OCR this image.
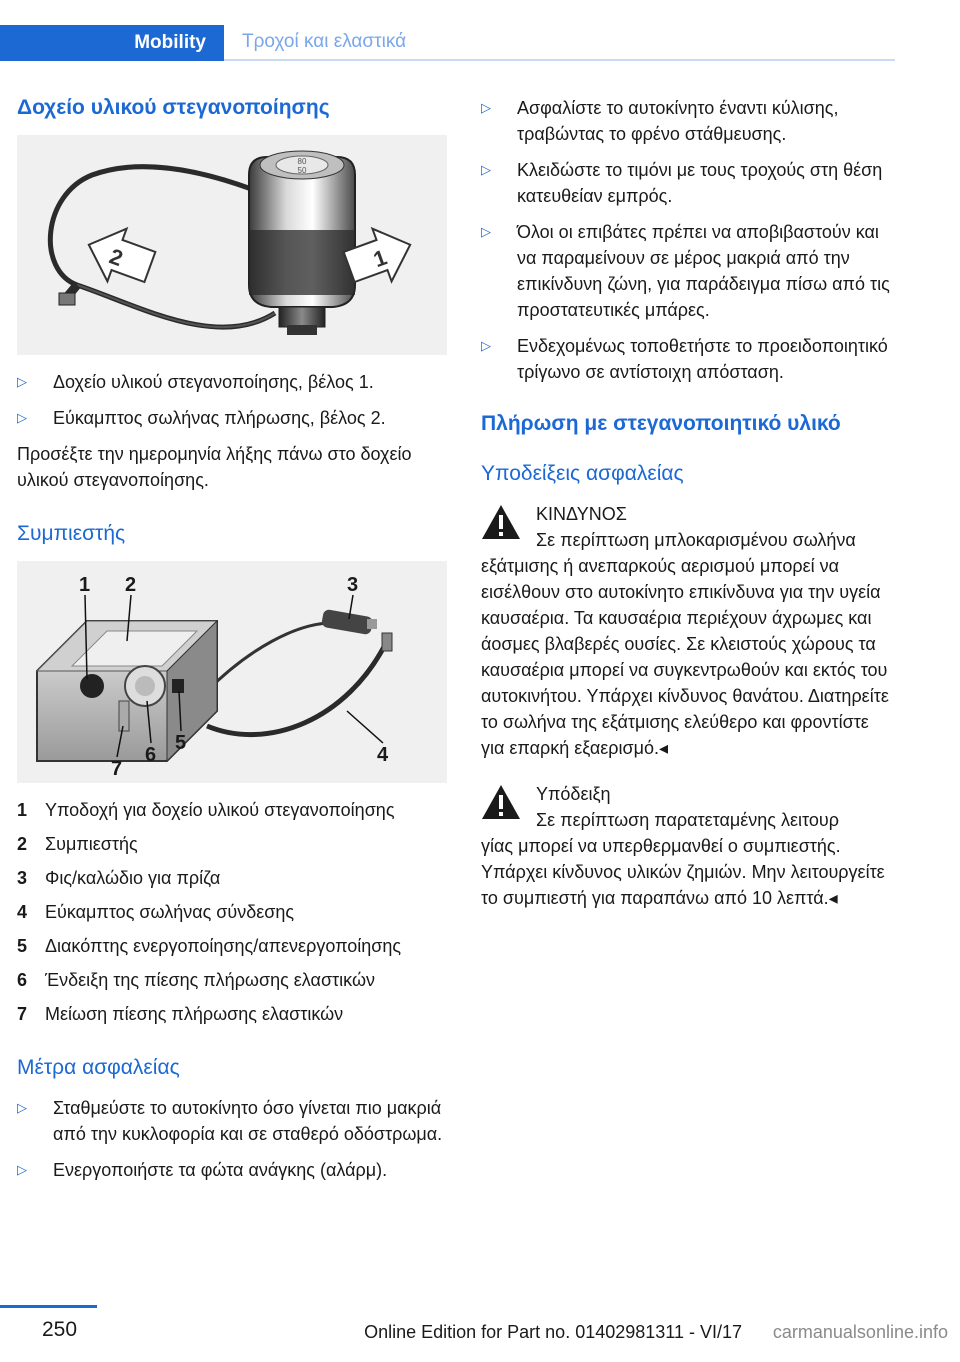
Mobility	Τροχοί και ελαστικά
Δοχείο υλικού στεγανοποίησης
80
50
2	1
▷	Δοχείο υλικού στεγανοποίησης, βέλος 1.
▷	Εύκαμπτος σωλήνας πλήρωσης, βέλος 2.
Προσέξτε την ημερομηνία λήξης πάνω στο δοχείο υλικού στεγανοποίησης.
Συμπιεστής
1 2	3
4
5
6
7
1 Υποδοχή για δοχείο υλικού στεγανοποίησης
2 Συμπιεστής
3 Φις/καλώδιο για πρίζα
4 Εύκαμπτος σωλήνας σύνδεσης
5 Διακόπτης ενεργοποίησης/απενεργοποίησης
6 Ένδειξη της πίεσης πλήρωσης ελαστικών
7 Μείωση πίεσης πλήρωσης ελαστικών
Μέτρα ασφαλείας
▷	Σταθμεύστε το αυτοκίνητο όσο γίνεται πιο μακριά από την κυκλοφορία και σε σταθερό οδόστρωμα.
▷	Ενεργοποιήστε τα φώτα ανάγκης (αλάρμ).
▷	Ασφαλίστε το αυτοκίνητο έναντι κύλισης, τραβώντας το φρένο στάθμευσης.
▷	Κλειδώστε το τιμόνι με τους τροχούς στη θέση κατευθείαν εμπρός.
▷	Όλοι οι επιβάτες πρέπει να αποβιβαστούν και να παραμείνουν σε μέρος μακριά από την επικίνδυνη ζώνη, για παράδειγμα πίσω από τις προστατευτικές μπάρες.
▷	Ενδεχομένως τοποθετήστε το προειδοποιητικό τρίγωνο σε αντίστοιχη απόσταση.
Πλήρωση με στεγανοποιητικό υλικό
Υποδείξεις ασφαλείας
ΚΙΝΔΥΝΟΣ
Σε περίπτωση μπλοκαρισμένου σωλήνα
εξάτμισης ή ανεπαρκούς αερισμού μπορεί να εισέλθουν στο αυτοκίνητο επικίνδυνα για την υγεία καυσαέρια. Τα καυσαέρια περιέχουν άχρωμες και άοσμες βλαβερές ουσίες. Σε κλειστούς χώρους τα καυσαέρια μπορεί να συγκεντρωθούν και εκτός του αυτοκινήτου. Υπάρχει κίνδυνος θανάτου. Διατηρείτε το σωλήνα της εξάτμισης ελεύθερο και φροντίστε για επαρκή εξαερισμό.◂
Υπόδειξη
Σε περίπτωση παρατεταμένης λειτουρ
γίας μπορεί να υπερθερμανθεί ο συμπιεστής. Υπάρχει κίνδυνος υλικών ζημιών. Μην λειτουργείτε το συμπιεστή για παραπάνω από 10 λεπτά.◂
250	Online Edition for Part no. 01402981311 - VI/17 carmanualsonline.info
